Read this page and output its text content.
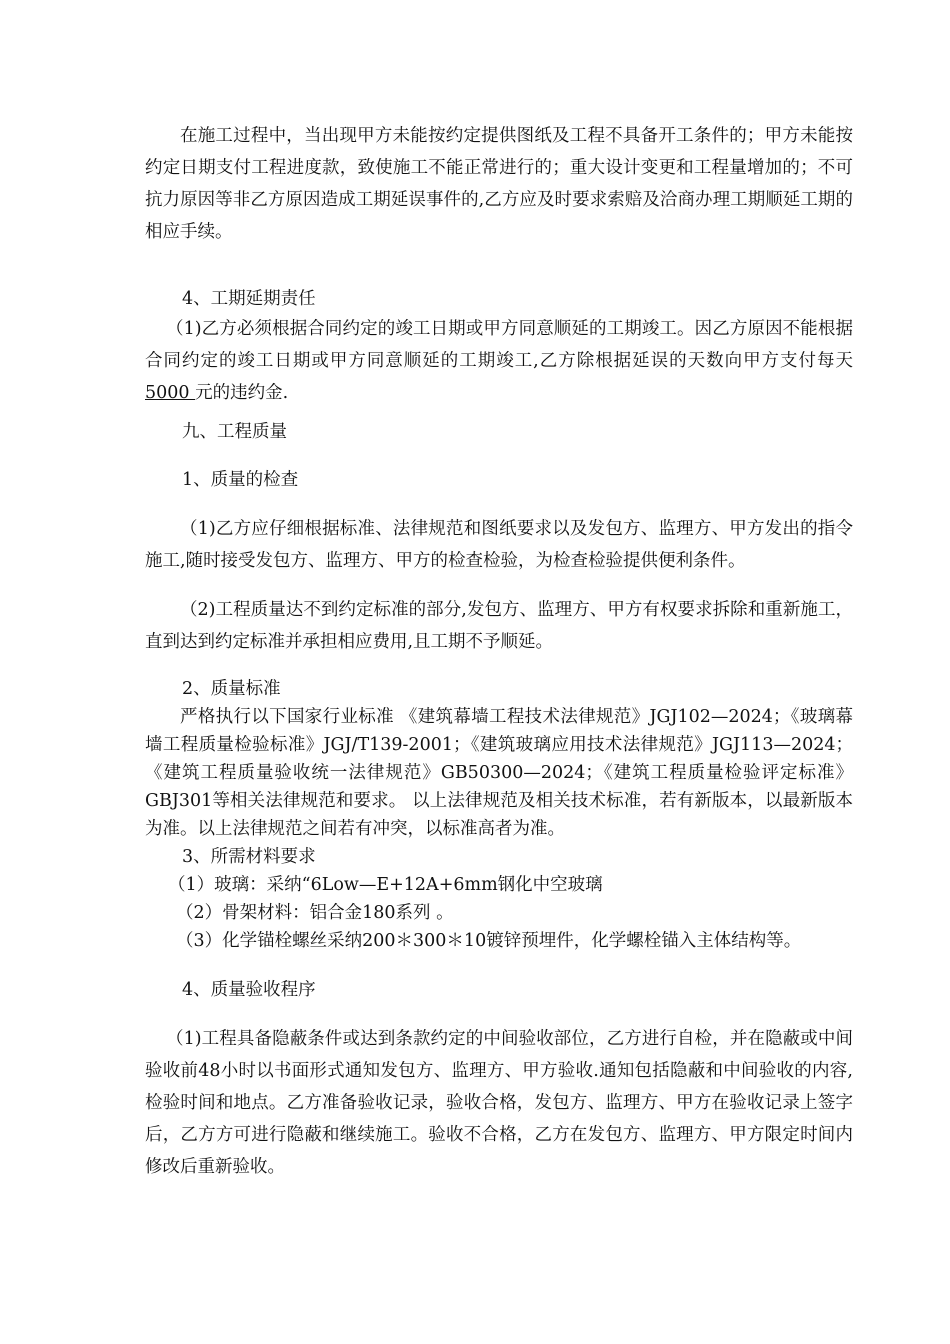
在施工过程中，当出现甲方未能按约定提供图纸及工程不具备开工条件的；甲方未能按约定日期支付工程进度款，致使施工不能正常进行的；重大设计变更和工程量增加的；不可抗力原因等非乙方原因造成工期延误事件的,乙方应及时要求索赔及洽商办理工期顺延工期的相应手续。

4、工期延期责任

（1)乙方必须根据合同约定的竣工日期或甲方同意顺延的工期竣工。因乙方原因不能根据合同约定的竣工日期或甲方同意顺延的工期竣工,乙方除根据延误的天数向甲方支付每天 5000 元的违约金.

九、工程质量

1、质量的检查

（1)乙方应仔细根据标准、法律规范和图纸要求以及发包方、监理方、甲方发出的指令施工,随时接受发包方、监理方、甲方的检查检验，为检查检验提供便利条件。

（2)工程质量达不到约定标准的部分,发包方、监理方、甲方有权要求拆除和重新施工，直到达到约定标准并承担相应费用,且工期不予顺延。

2、质量标准

严格执行以下国家行业标准 《建筑幕墙工程技术法律规范》JGJ102—2024；《玻璃幕墙工程质量检验标准》JGJ/T139-2001；《建筑玻璃应用技术法律规范》JGJ113—2024；《建筑工程质量验收统一法律规范》GB50300—2024；《建筑工程质量检验评定标准》GBJ301等相关法律规范和要求。 以上法律规范及相关技术标准，若有新版本，以最新版本为准。以上法律规范之间若有冲突，以标准高者为准。

3、所需材料要求

（1）玻璃：采纳“6Low—E+12A+6mm钢化中空玻璃

（2）骨架材料：铝合金180系列 。

（3）化学锚栓螺丝采纳200＊300＊10镀锌预埋件，化学螺栓锚入主体结构等。

4、质量验收程序

（1)工程具备隐蔽条件或达到条款约定的中间验收部位，乙方进行自检，并在隐蔽或中间验收前48小时以书面形式通知发包方、监理方、甲方验收.通知包括隐蔽和中间验收的内容,检验时间和地点。乙方准备验收记录，验收合格，发包方、监理方、甲方在验收记录上签字后，乙方方可进行隐蔽和继续施工。验收不合格，乙方在发包方、监理方、甲方限定时间内修改后重新验收。
